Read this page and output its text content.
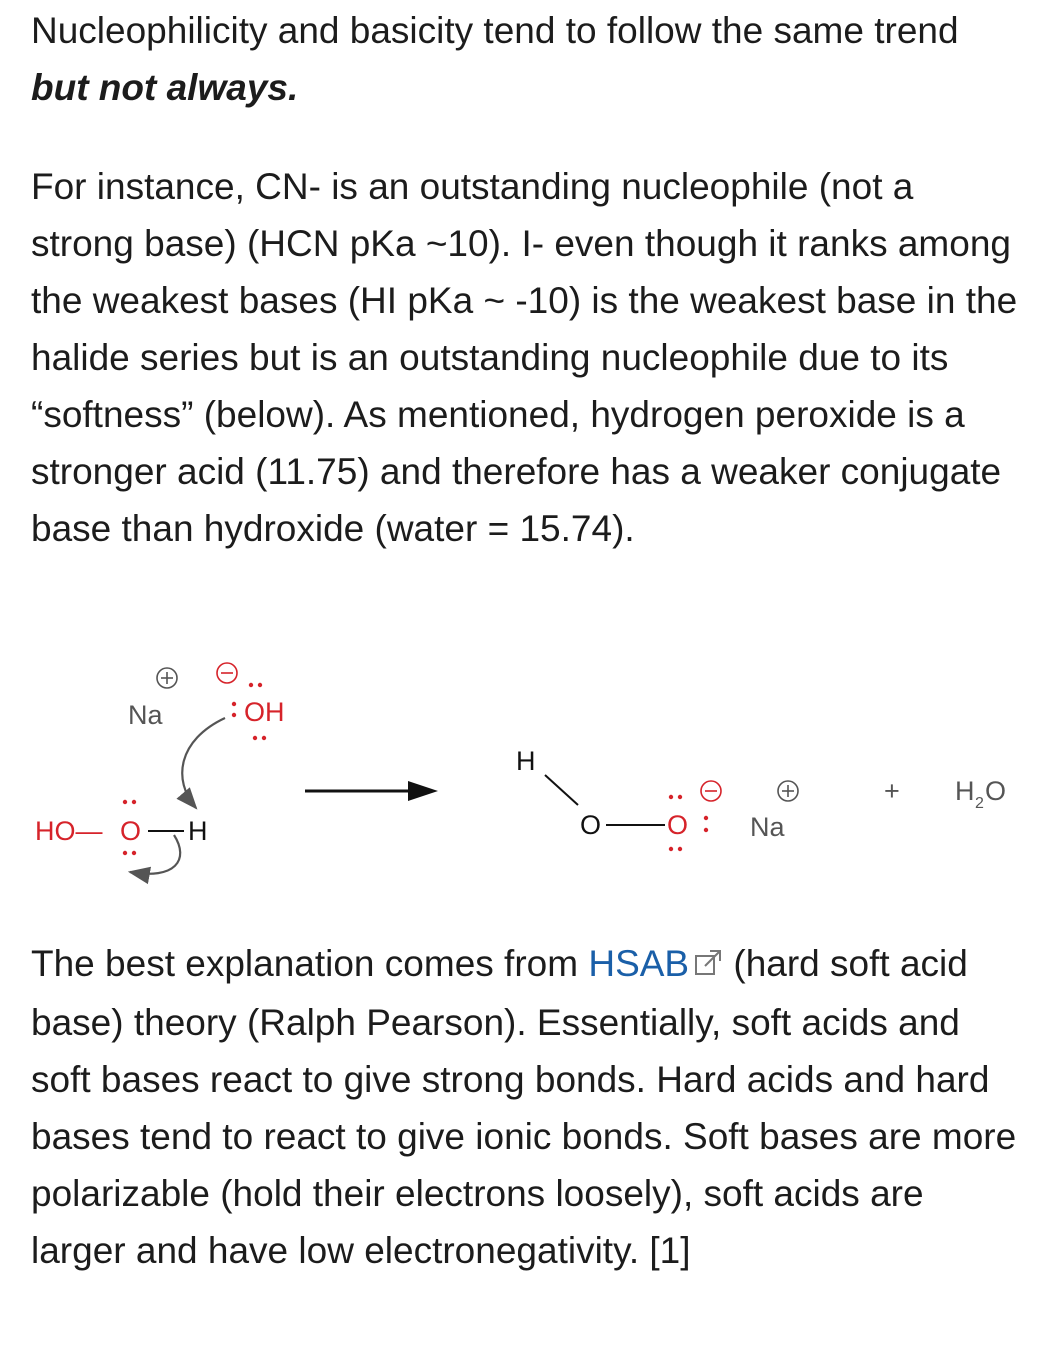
Nucleophilicity and basicity tend to follow the same trend but not always.

For instance, CN- is an outstanding nucleophile (not a strong base) (HCN pKa ~10). I- even though it ranks among the weakest bases (HI pKa ~ -10) is the weakest base in the halide series but is an outstanding nucleophile due to its “softness” (below). As mentioned, hydrogen peroxide is a stronger acid (11.75) and therefore has a weaker conjugate base than hydroxide (water = 15.74).

Na	OH
HO— O H
H
O O Na
+ H 2 O

The best explanation comes from HSAB (hard soft acid base) theory (Ralph Pearson). Essentially, soft acids and soft bases react to give strong bonds. Hard acids and hard bases tend to react to give ionic bonds. Soft bases are more polarizable (hold their electrons loosely), soft acids are larger and have low electronegativity. [1]
